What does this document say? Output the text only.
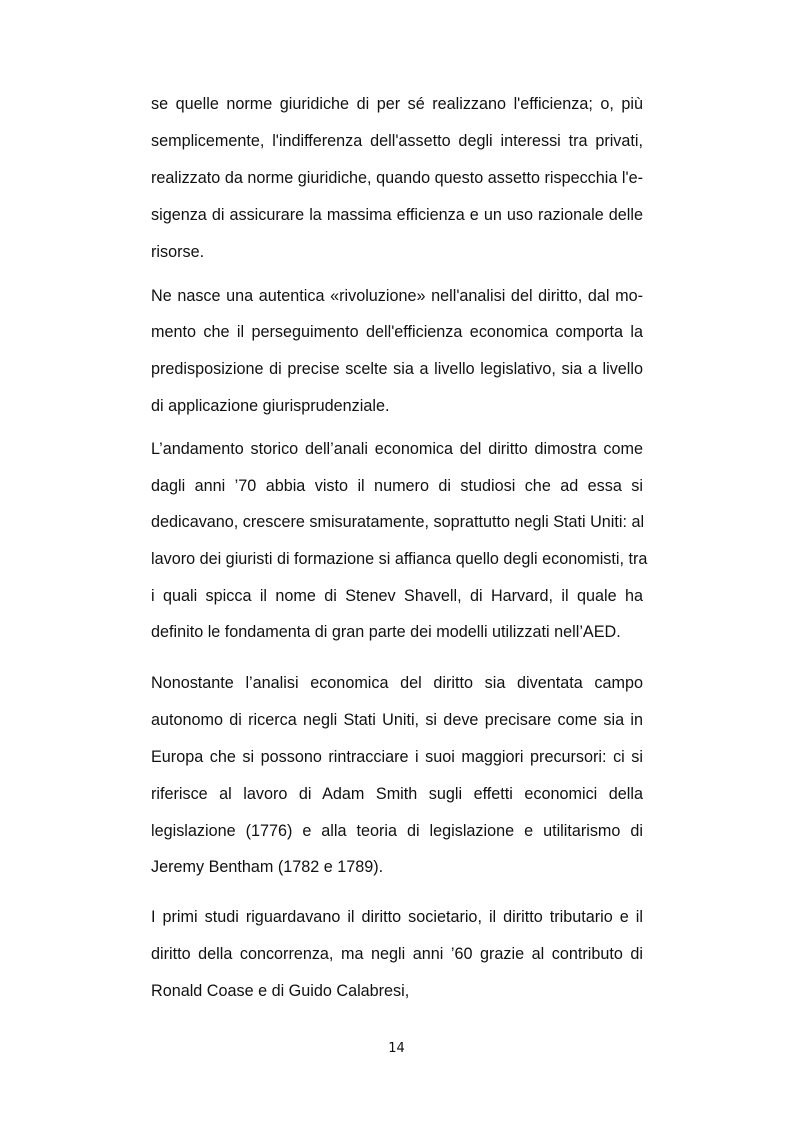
se quelle norme giuridiche di per sé realizzano l'efficienza; o, più
semplicemente, l'indifferenza dell'assetto degli interessi tra privati,
realizzato da norme giuridiche, quando questo assetto rispecchia l'e-
sigenza di assicurare la massima efficienza e un uso razionale delle
risorse.
Ne nasce una autentica «rivoluzione» nell'analisi del diritto, dal mo-
mento che il perseguimento dell'efficienza economica comporta la
predisposizione di precise scelte sia a livello legislativo, sia a livello
di applicazione giurisprudenziale.
L’andamento storico dell’anali economica del diritto dimostra come
dagli anni ’70 abbia visto il numero di studiosi che ad essa si
dedicavano, crescere smisuratamente, soprattutto negli Stati Uniti: al
lavoro dei giuristi di formazione si affianca quello degli economisti, tra
i quali spicca il nome di Stenev Shavell, di Harvard, il quale ha
definito le fondamenta di gran parte dei modelli utilizzati nell’AED.
Nonostante l’analisi economica del diritto sia diventata campo
autonomo di ricerca negli Stati Uniti, si deve precisare come sia in
Europa che si possono rintracciare i suoi maggiori precursori: ci si
riferisce al lavoro di Adam Smith sugli effetti economici della
legislazione (1776) e alla teoria di legislazione e utilitarismo di
Jeremy Bentham (1782 e 1789).
I primi studi riguardavano il diritto societario, il diritto tributario e il
diritto della concorrenza, ma negli anni ’60 grazie al contributo di
Ronald Coase e di Guido Calabresi,
14
